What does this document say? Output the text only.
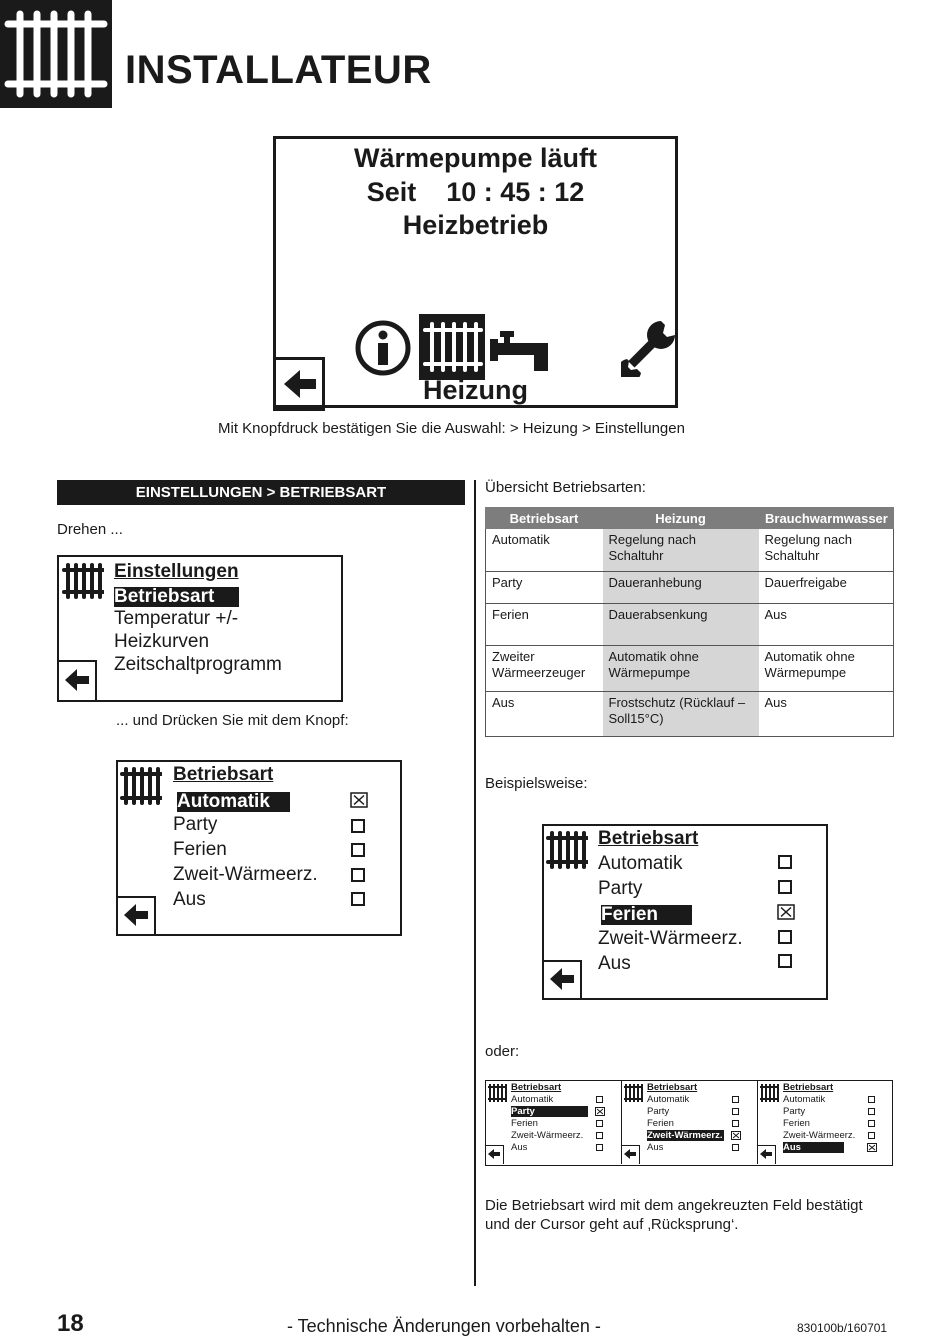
INSTALLATEUR
Wärmepumpe läuft
Seit    10 : 45 : 12
Heizbetrieb
Heizung
Mit Knopfdruck bestätigen Sie die Auswahl: > Heizung > Einstellungen
EINSTELLUNGEN > BETRIEBSART
Drehen ...
Einstellungen
Betriebsart
Temperatur +/-
Heizkurven
Zeitschaltprogramm
... und Drücken Sie mit dem Knopf:
Betriebsart
Automatik
Party
Ferien
Zweit-Wärmeerz.
Aus
Übersicht Betriebsarten:
Betriebsart	Heizung	Brauchwarmwasser
Automatik	Regelung nach Schaltuhr	Regelung nach Schaltuhr
Party	Daueranhebung	Dauerfreigabe
Ferien	Dauerabsenkung	Aus
Zweiter Wärmeerzeuger	Automatik ohne Wärmepumpe	Automatik ohne Wärmepumpe
Aus	Frostschutz (Rücklauf –Soll15°C)	Aus
Beispielsweise:
Betriebsart
Automatik
Party
Ferien
Zweit-Wärmeerz.
Aus
oder:
Betriebsart
Automatik
Party
Ferien
Zweit-Wärmeerz.
Aus
Betriebsart
Automatik
Party
Ferien
Zweit-Wärmeerz.
Aus
Betriebsart
Automatik
Party
Ferien
Zweit-Wärmeerz.
Aus
Die Betriebsart wird mit dem angekreuzten Feld bestätigt
und der Cursor geht auf ‚Rücksprung‘.
18	- Technische Änderungen vorbehalten -	830100b/160701
